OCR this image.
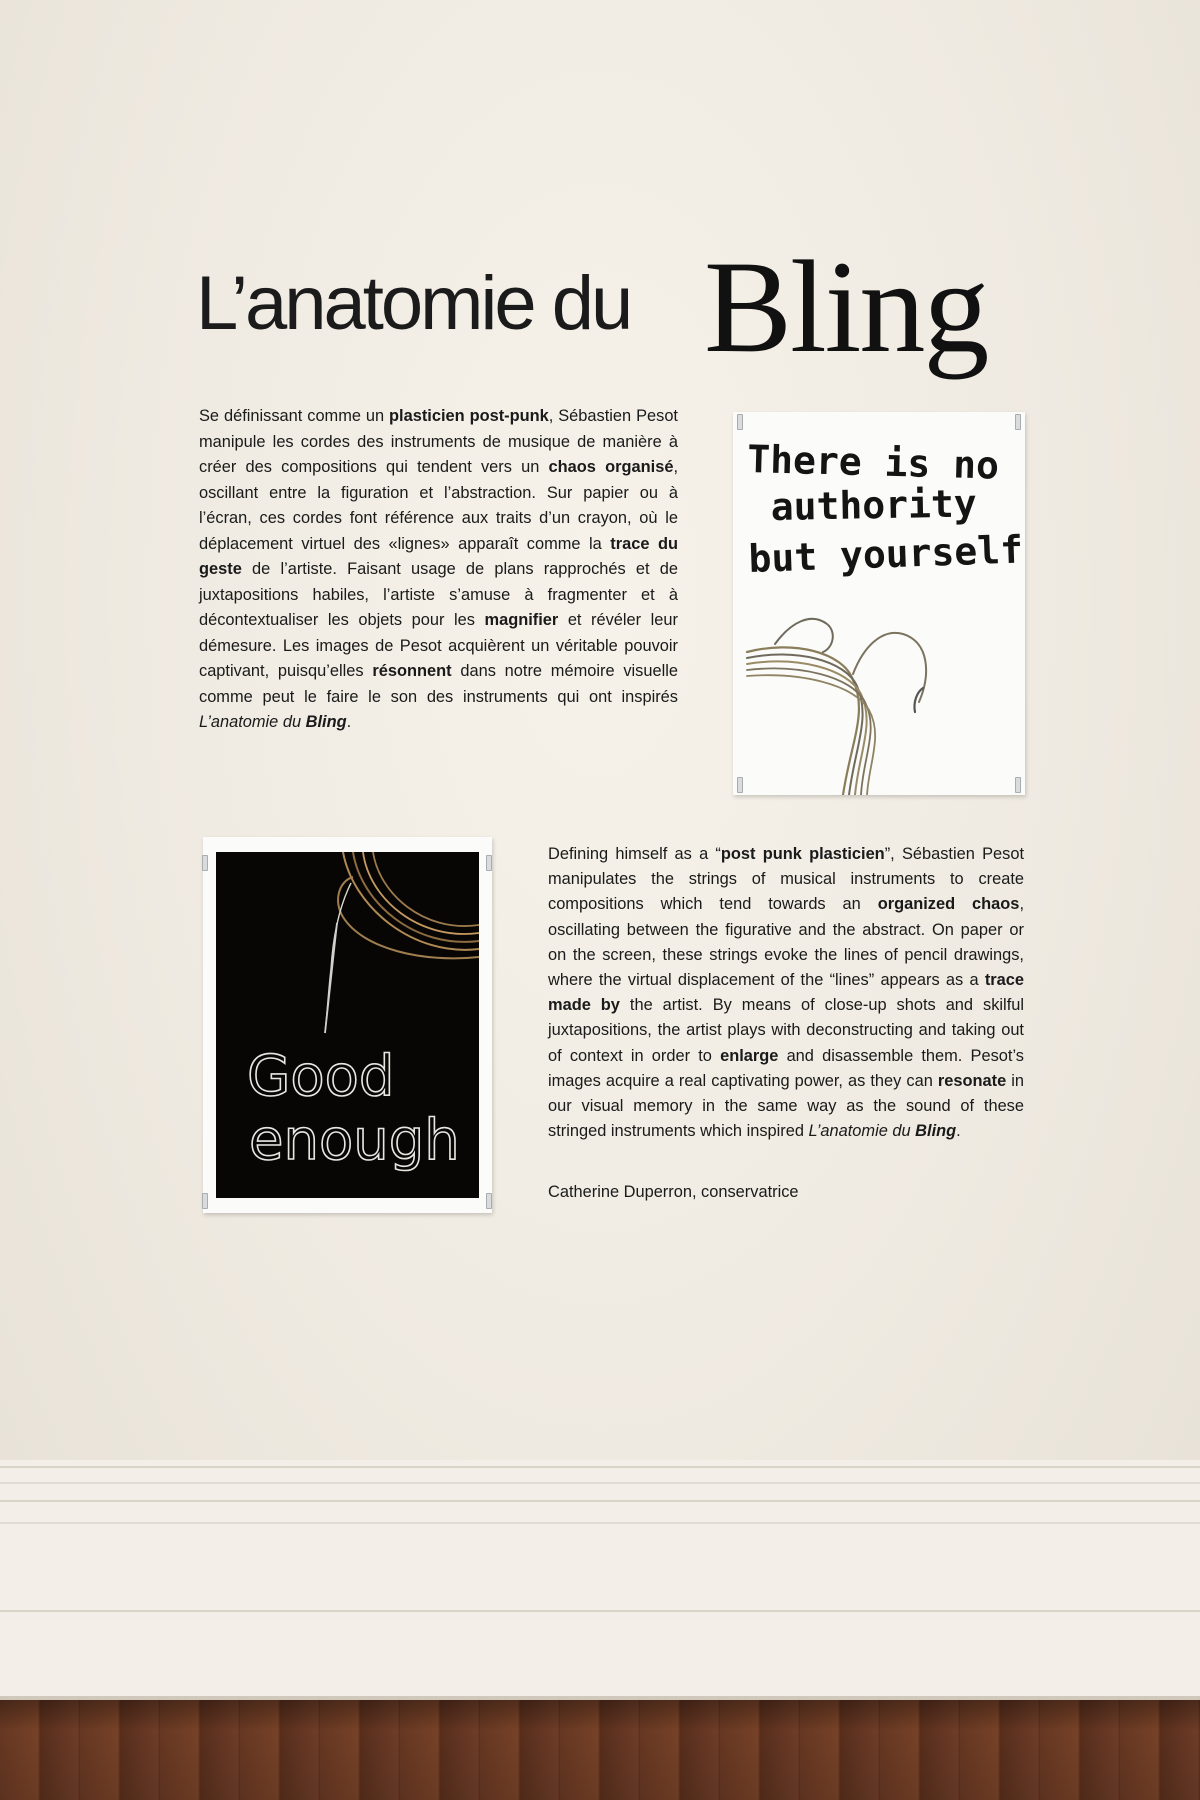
L’anatomie du Bling

Se définissant comme un plasticien post-punk, Sébastien Pesot manipule les cordes des instruments de musique de manière à créer des compositions qui tendent vers un chaos organisé, oscillant entre la figuration et l’abstraction. Sur papier ou à l’écran, ces cordes font référence aux traits d’un crayon, où le déplacement virtuel des «lignes» apparaît comme la trace du geste de l’artiste. Faisant usage de plans rapprochés et de juxtapositions habiles, l’artiste s’amuse à fragmenter et à décontextualiser les objets pour les magnifier et révéler leur démesure. Les images de Pesot acquièrent un véritable pouvoir captivant, puisqu’elles résonnent dans notre mémoire visuelle comme peut le faire le son des instruments qui ont inspirés L’anatomie du Bling.

There is no
authority
but yourself
Good
enough

Defining himself as a “post punk plasticien”, Sébastien Pesot manipulates the strings of musical instruments to create compositions which tend towards an organized chaos, oscillating between the figurative and the abstract. On paper or on the screen, these strings evoke the lines of pencil drawings, where the virtual displacement of the “lines” appears as a trace made by the artist. By means of close-up shots and skilful juxtapositions, the artist plays with deconstructing and taking out of context in order to enlarge and disassemble them. Pesot’s images acquire a real captivating power, as they can resonate in our visual memory in the same way as the sound of these stringed instruments which inspired L’anatomie du Bling.

Catherine Duperron, conservatrice
